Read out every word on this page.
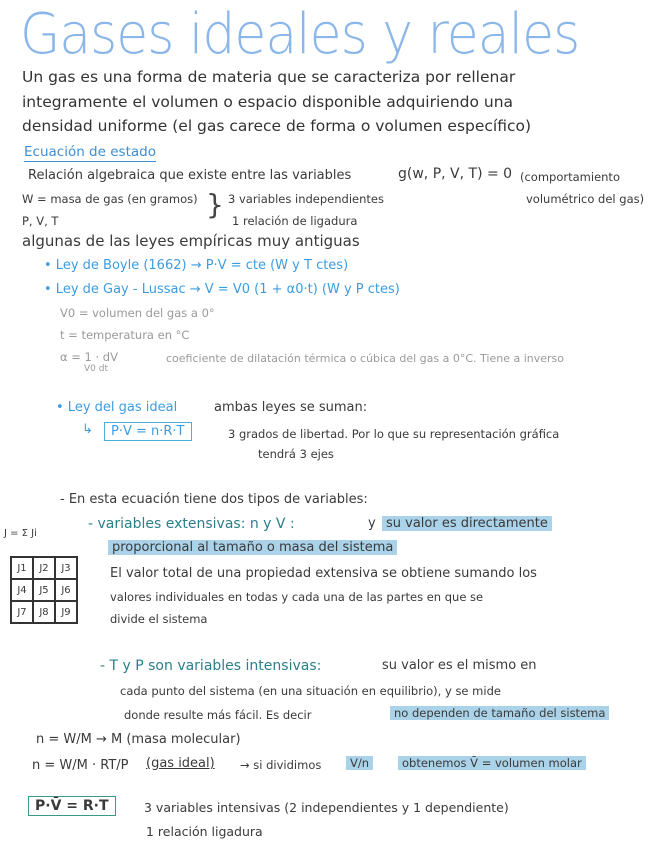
Gases ideales y reales
Un gas es una forma de materia que se caracteriza por rellenar
integramente el volumen o espacio disponible adquiriendo una
densidad uniforme (el gas carece de forma o volumen específico)
Ecuación de estado
Relación algebraica que existe entre las variables	g(w, P, V, T) = 0 (comportamiento
volumétrico del gas)
W = masa de gas (en gramos)
P, V, T	} 3 variables independientes
1 relación de ligadura
algunas de las leyes empíricas muy antiguas
• Ley de Boyle (1662) → P·V = cte (W y T ctes)
• Ley de Gay - Lussac → V = V0 (1 + α0·t) (W y P ctes)
V0 = volumen del gas a 0°
t = temperatura en °C
α = 1 · dV
V0 dt
coeficiente de dilatación térmica o cúbica del gas a 0°C. Tiene a inverso
• Ley del gas ideal	ambas leyes se suman:
↳	P·V = n·R·T	3 grados de libertad. Por lo que su representación gráfica
tendrá 3 ejes
- En esta ecuación tiene dos tipos de variables:
J = Σ Ji
J1	J2	J3
J4	J5	J6
J7	J8	J9
- variables extensivas: n y V :	y su valor es directamente
proporcional al tamaño o masa del sistema
El valor total de una propiedad extensiva se obtiene sumando los
valores individuales en todas y cada una de las partes en que se
divide el sistema
- T y P son variables intensivas:	su valor es el mismo en
cada punto del sistema (en una situación en equilibrio), y se mide
donde resulte más fácil. Es decir	no dependen de tamaño del sistema
n = W/M → M (masa molecular)
n = W/M · RT/P (gas ideal) → si dividimos	V/n	obtenemos V̄ = volumen molar
P·V̄ = R·T	3 variables intensivas (2 independientes y 1 dependiente)
1 relación ligadura
